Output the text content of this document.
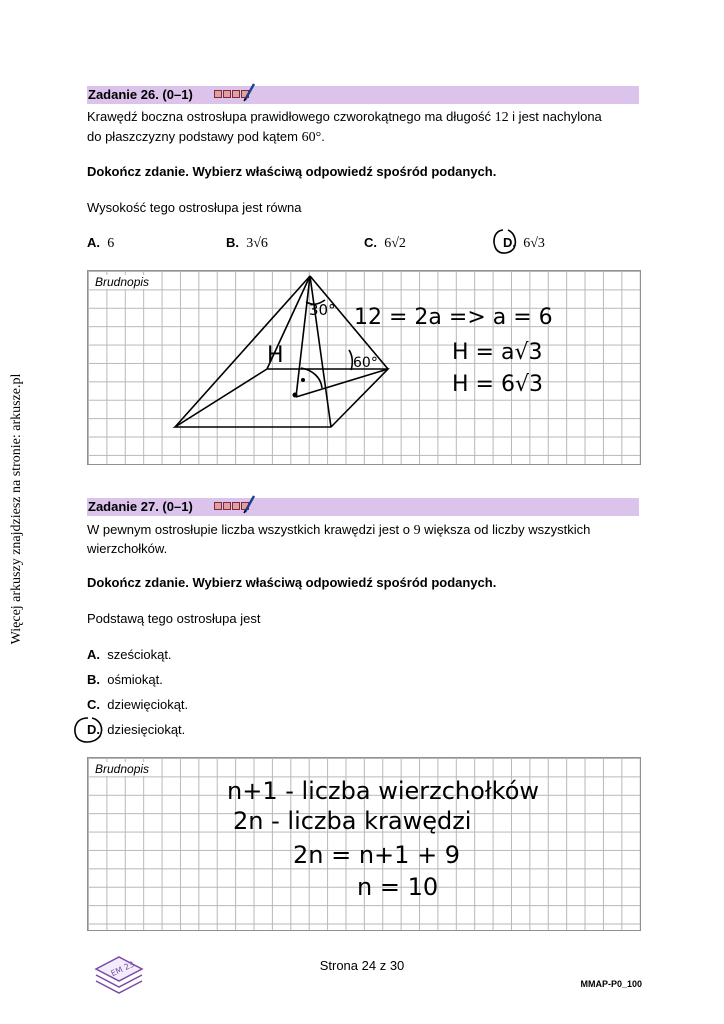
Więcej arkuszy znajdziesz na stronie: arkusze.pl
Zadanie 26. (0–1)
Krawędź boczna ostrosłupa prawidłowego czworokątnego ma długość 12 i jest nachylona
do płaszczyzny podstawy pod kątem 60°.
Dokończ zdanie. Wybierz właściwą odpowiedź spośród podanych.
Wysokość tego ostrosłupa jest równa
A. 6	B. 3√6	C. 6√2	D. 6√3
Brudnopis
30°
60°
H
12 = 2a => a = 6
H = a√3
H = 6√3
Zadanie 27. (0–1)
W pewnym ostrosłupie liczba wszystkich krawędzi jest o 9 większa od liczby wszystkich
wierzchołków.
Dokończ zdanie. Wybierz właściwą odpowiedź spośród podanych.
Podstawą tego ostrosłupa jest
A. sześciokąt.
B. ośmiokąt.
C. dziewięciokąt.
D. dziesięciokąt.
Brudnopis
n+1 - liczba wierzchołków
2n - liczba krawędzi
2n = n+1 + 9
n = 10
EM 23	Strona 24 z 30
MMAP-P0_100
